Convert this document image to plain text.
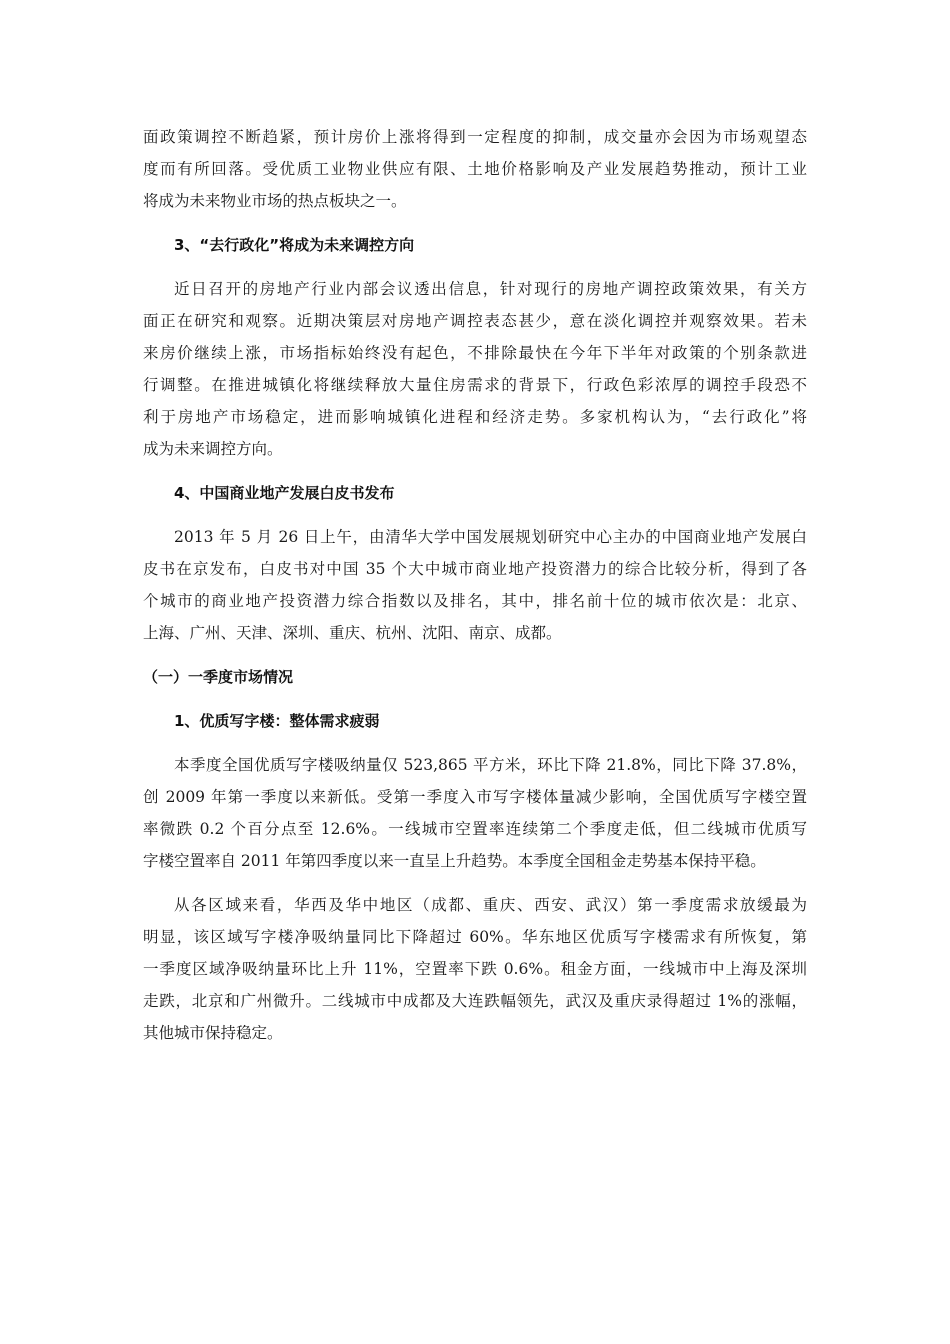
面政策调控不断趋紧，预计房价上涨将得到一定程度的抑制，成交量亦会因为市场观望态
度而有所回落。受优质工业物业供应有限、土地价格影响及产业发展趋势推动，预计工业
将成为未来物业市场的热点板块之一。
3、“去行政化”将成为未来调控方向
近日召开的房地产行业内部会议透出信息，针对现行的房地产调控政策效果，有关方
面正在研究和观察。近期决策层对房地产调控表态甚少，意在淡化调控并观察效果。若未
来房价继续上涨，市场指标始终没有起色，不排除最快在今年下半年对政策的个别条款进
行调整。在推进城镇化将继续释放大量住房需求的背景下，行政色彩浓厚的调控手段恐不
利于房地产市场稳定，进而影响城镇化进程和经济走势。多家机构认为，“去行政化”将
成为未来调控方向。
4、中国商业地产发展白皮书发布
2013 年 5 月 26 日上午，由清华大学中国发展规划研究中心主办的中国商业地产发展白
皮书在京发布，白皮书对中国 35 个大中城市商业地产投资潜力的综合比较分析，得到了各
个城市的商业地产投资潜力综合指数以及排名，其中，排名前十位的城市依次是：北京、
上海、广州、天津、深圳、重庆、杭州、沈阳、南京、成都。
（一）一季度市场情况
1、优质写字楼：整体需求疲弱
本季度全国优质写字楼吸纳量仅 523,865 平方米，环比下降 21.8%，同比下降 37.8%，
创 2009 年第一季度以来新低。受第一季度入市写字楼体量减少影响，全国优质写字楼空置
率微跌 0.2 个百分点至 12.6%。一线城市空置率连续第二个季度走低，但二线城市优质写
字楼空置率自 2011 年第四季度以来一直呈上升趋势。本季度全国租金走势基本保持平稳。
从各区域来看，华西及华中地区（成都、重庆、西安、武汉）第一季度需求放缓最为
明显，该区域写字楼净吸纳量同比下降超过 60%。华东地区优质写字楼需求有所恢复，第
一季度区域净吸纳量环比上升 11%，空置率下跌 0.6%。租金方面，一线城市中上海及深圳
走跌，北京和广州微升。二线城市中成都及大连跌幅领先，武汉及重庆录得超过 1%的涨幅，
其他城市保持稳定。
